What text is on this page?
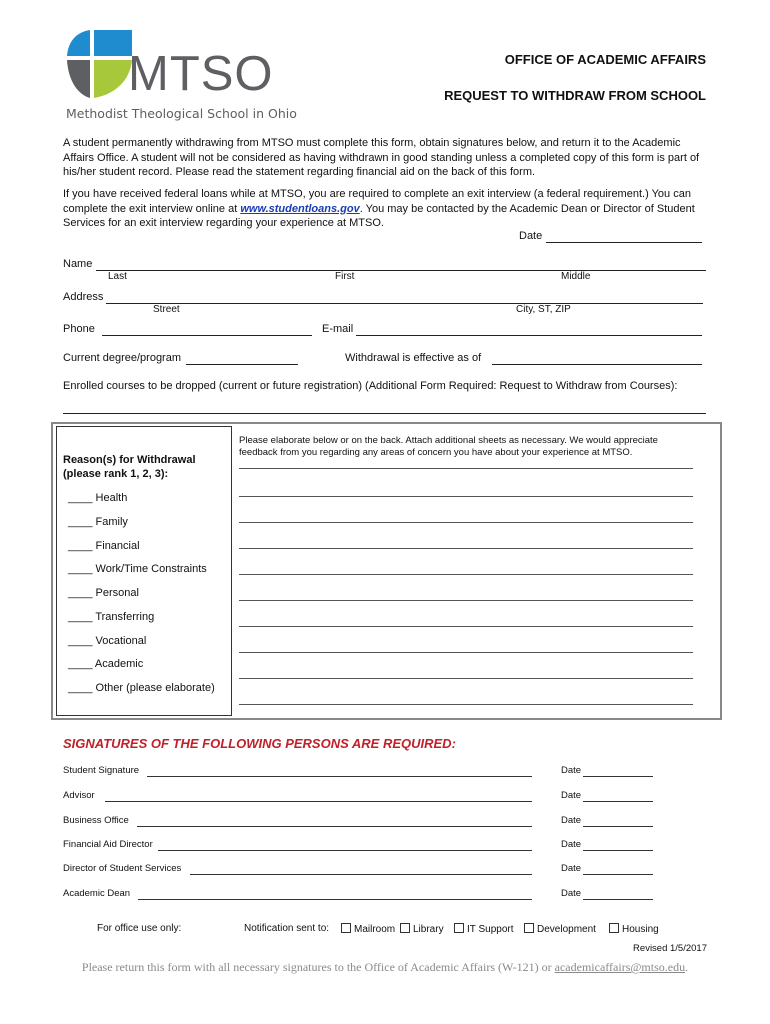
MTSO
Methodist Theological School in Ohio
OFFICE OF ACADEMIC AFFAIRS
REQUEST TO WITHDRAW FROM SCHOOL
A student permanently withdrawing from MTSO must complete this form, obtain signatures below, and return it to the Academic Affairs Office. A student will not be considered as having withdrawn in good standing unless a completed copy of this form is part of his/her student record. Please read the statement regarding financial aid on the back of this form.
If you have received federal loans while at MTSO, you are required to complete an exit interview (a federal requirement.) You can complete the exit interview online at www.studentloans.gov. You may be contacted by the Academic Dean or Director of Student Services for an exit interview regarding your experience at MTSO.
Date
Name
Last	First	Middle
Address
Street	City, ST, ZIP
Phone	E-mail
Current degree/program	Withdrawal is effective as of
Enrolled courses to be dropped (current or future registration) (Additional Form Required: Request to Withdraw from Courses):
Reason(s) for Withdrawal
(please rank 1, 2, 3):
Please elaborate below or on the back. Attach additional sheets as necessary. We would appreciate feedback from you regarding any areas of concern you have about your experience at MTSO.
____ Health
____ Family
____ Financial
____ Work/Time Constraints
____ Personal
____ Transferring
____ Vocational
____ Academic
____ Other (please elaborate)
SIGNATURES OF THE FOLLOWING PERSONS ARE REQUIRED:
Student Signature	Date
Advisor	Date
Business Office	Date
Financial Aid Director	Date
Director of Student Services	Date
Academic Dean	Date
For office use only:	Notification sent to:	Mailroom	Library	IT Support	Development	Housing
Revised 1/5/2017
Please return this form with all necessary signatures to the Office of Academic Affairs (W-121) or academicaffairs@mtso.edu.
